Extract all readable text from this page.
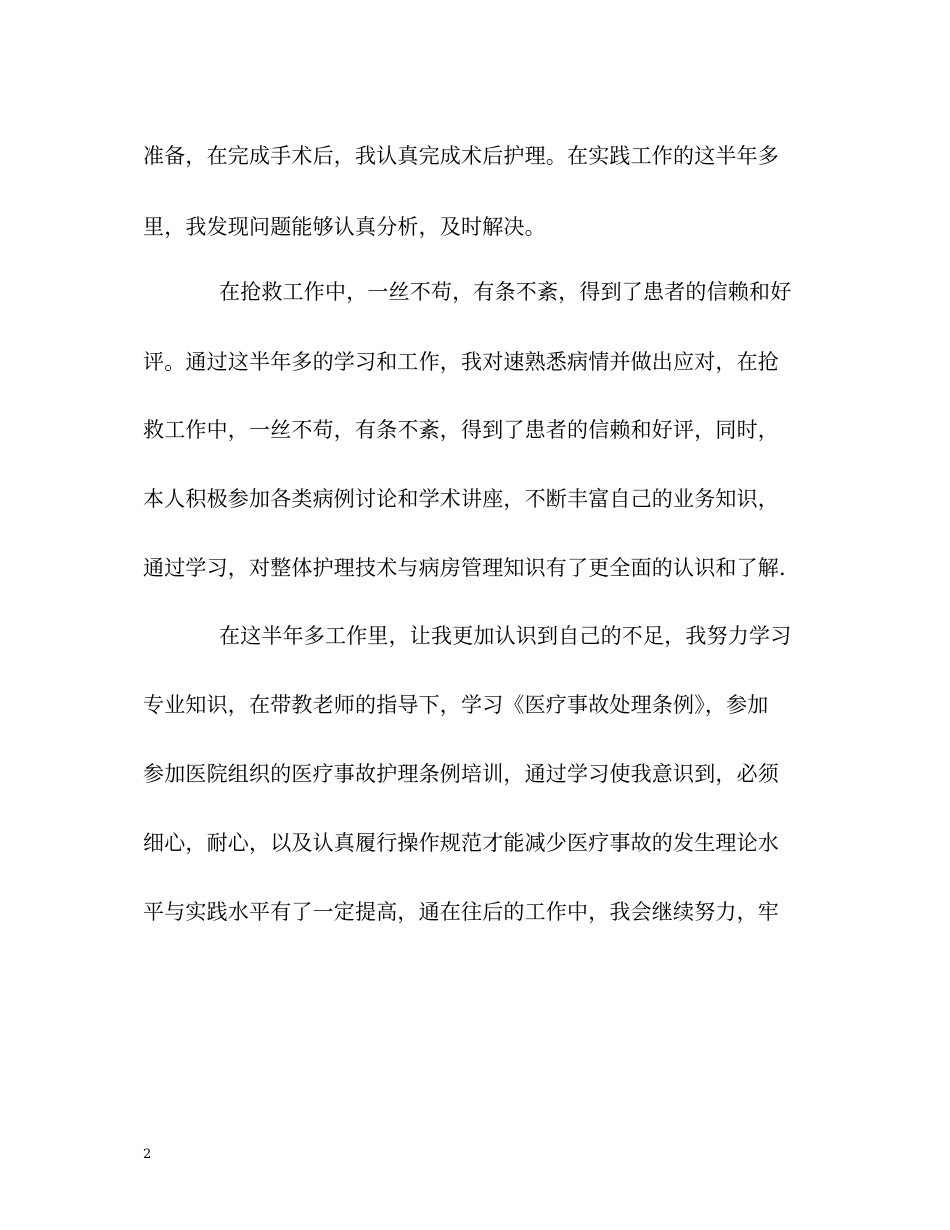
准备，在完成手术后，我认真完成术后护理。在实践工作的这半年多
里，我发现问题能够认真分析，及时解决。
在抢救工作中，一丝不苟，有条不紊，得到了患者的信赖和好
评。通过这半年多的学习和工作，我对速熟悉病情并做出应对，在抢
救工作中，一丝不苟，有条不紊，得到了患者的信赖和好评，同时，
本人积极参加各类病例讨论和学术讲座，不断丰富自己的业务知识，
通过学习，对整体护理技术与病房管理知识有了更全面的认识和了解.
在这半年多工作里，让我更加认识到自己的不足，我努力学习
专业知识，在带教老师的指导下，学习《医疗事故处理条例》，参加
参加医院组织的医疗事故护理条例培训，通过学习使我意识到，必须
细心，耐心，以及认真履行操作规范才能减少医疗事故的发生理论水
平与实践水平有了一定提高，通在往后的工作中，我会继续努力，牢
2
